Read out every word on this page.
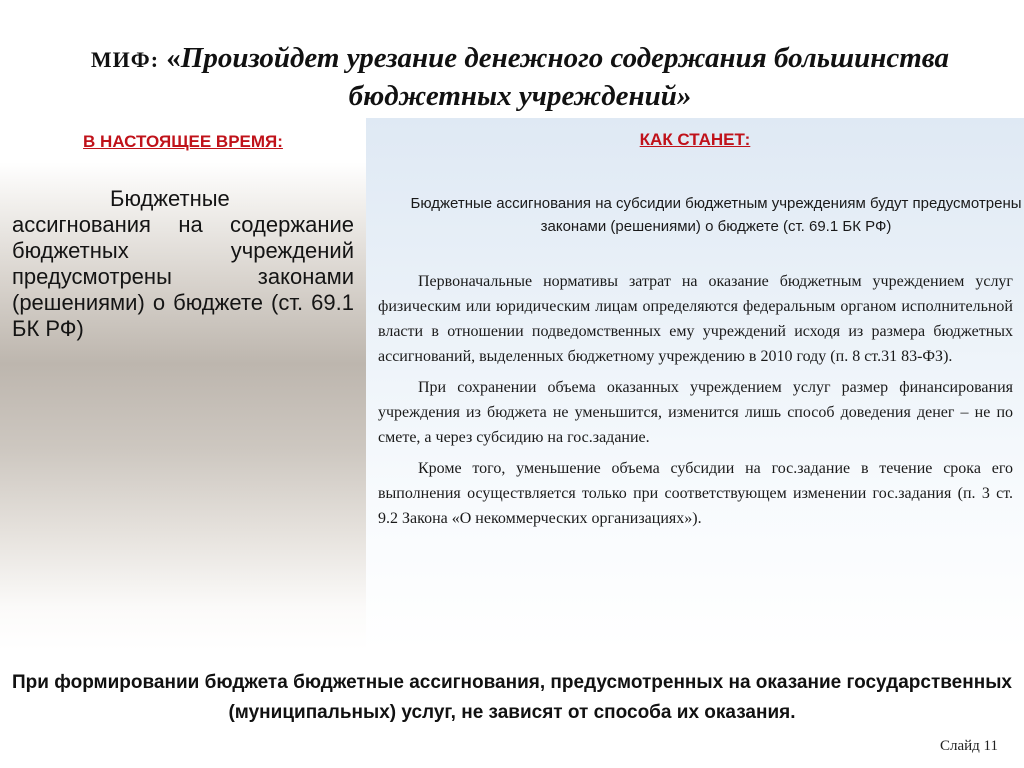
МИФ: «Произойдет урезание денежного содержания большинства бюджетных учреждений»
В НАСТОЯЩЕЕ ВРЕМЯ:
Бюджетные ассигнования на содержание бюджетных учреждений предусмотрены законами (решениями) о бюджете (ст. 69.1 БК РФ)
КАК СТАНЕТ:
Бюджетные ассигнования на субсидии бюджетным учреждениям будут предусмотрены законами (решениями) о бюджете (ст. 69.1 БК РФ)

Первоначальные нормативы затрат на оказание бюджетным учреждением услуг физическим или юридическим лицам определяются федеральным органом исполнительной власти в отношении подведомственных ему учреждений исходя из размера бюджетных ассигнований, выделенных бюджетному учреждению в 2010 году (п. 8 ст.31 83-ФЗ).

При сохранении объема оказанных учреждением услуг размер финансирования учреждения из бюджета не уменьшится, изменится лишь способ доведения денег – не по смете, а через субсидию на гос.задание.

Кроме того, уменьшение объема субсидии на гос.задание в течение срока его выполнения осуществляется только при соответствующем изменении гос.задания (п. 3 ст. 9.2 Закона «О некоммерческих организациях»).

При формировании бюджета бюджетные ассигнования, предусмотренных на оказание государственных (муниципальных) услуг, не зависят от способа их оказания.
Слайд 11
